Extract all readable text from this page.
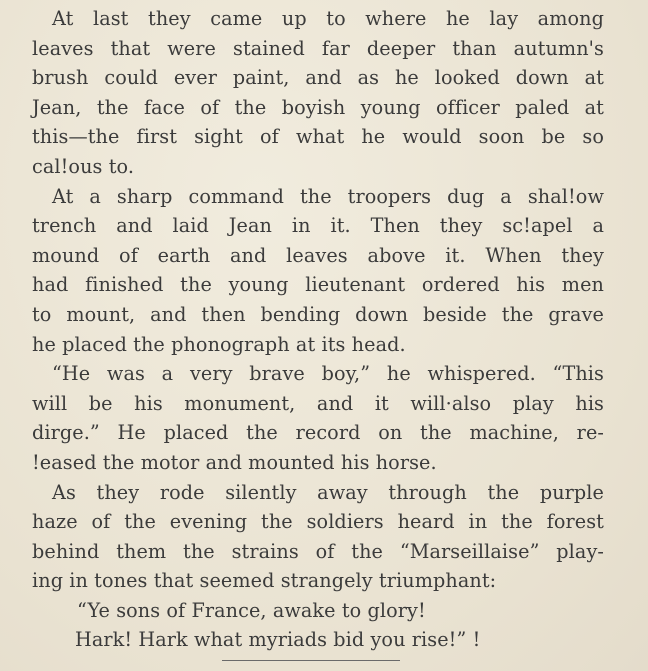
At last they came up to where he lay among
leaves that were stained far deeper than autumn's
brush could ever paint, and as he looked down at
Jean, the face of the boyish young officer paled at
this—the first sight of what he would soon be so
cal!ous to.
At a sharp command the troopers dug a shal!ow
trench and laid Jean in it. Then they sc!apel a
mound of earth and leaves above it. When they
had finished the young lieutenant ordered his men
to mount, and then bending down beside the grave
he placed the phonograph at its head.
“He was a very brave boy,” he whispered. “This
will be his monument, and it will·also play his
dirge.” He placed the record on the machine, re-
!eased the motor and mounted his horse.
As they rode silently away through the purple
haze of the evening the soldiers heard in the forest
behind them the strains of the “Marseillaise” play-
ing in tones that seemed strangely triumphant:
“Ye sons of France, awake to glory!
Hark! Hark what myriads bid you rise!” !
